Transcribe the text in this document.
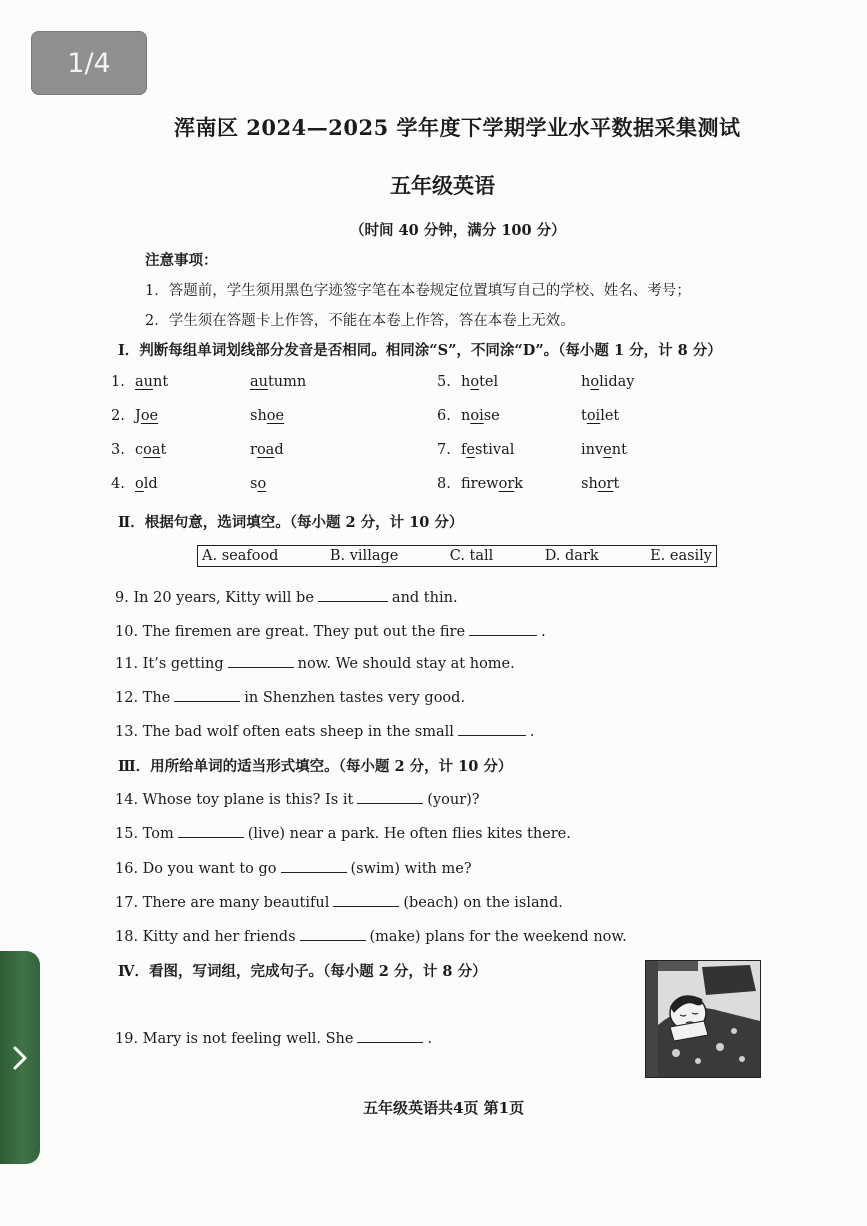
1/4
浑南区 2024—2025 学年度下学期学业水平数据采集测试
五年级英语
（时间 40 分钟，满分 100 分）
注意事项：
1．答题前，学生须用黑色字迹签字笔在本卷规定位置填写自己的学校、姓名、考号；
2．学生须在答题卡上作答，不能在本卷上作答，答在本卷上无效。
Ⅰ．判断每组单词划线部分发音是否相同。相同涂“S”，不同涂“D”。（每小题 1 分，计 8 分）
1. aunt	autumn
2. Joe	shoe
3. coat	road
4. old	so
5. hotel	holiday
6. noise	toilet
7. festival	invent
8. firework	short
Ⅱ．根据句意，选词填空。（每小题 2 分，计 10 分）
A. seafood	B. village	C. tall	D. dark	E. easily
9. In 20 years, Kitty will be	and thin.
10. The firemen are great. They put out the fire	.
11. It’s getting	now. We should stay at home.
12. The	in Shenzhen tastes very good.
13. The bad wolf often eats sheep in the small	.
Ⅲ．用所给单词的适当形式填空。（每小题 2 分，计 10 分）
14. Whose toy plane is this? Is it	(your)?
15. Tom	(live) near a park. He often flies kites there.
16. Do you want to go	(swim) with me?
17. There are many beautiful	(beach) on the island.
18. Kitty and her friends	(make) plans for the weekend now.
Ⅳ．看图，写词组，完成句子。（每小题 2 分，计 8 分）
19. Mary is not feeling well. She	.
五年级英语共4页 第1页
